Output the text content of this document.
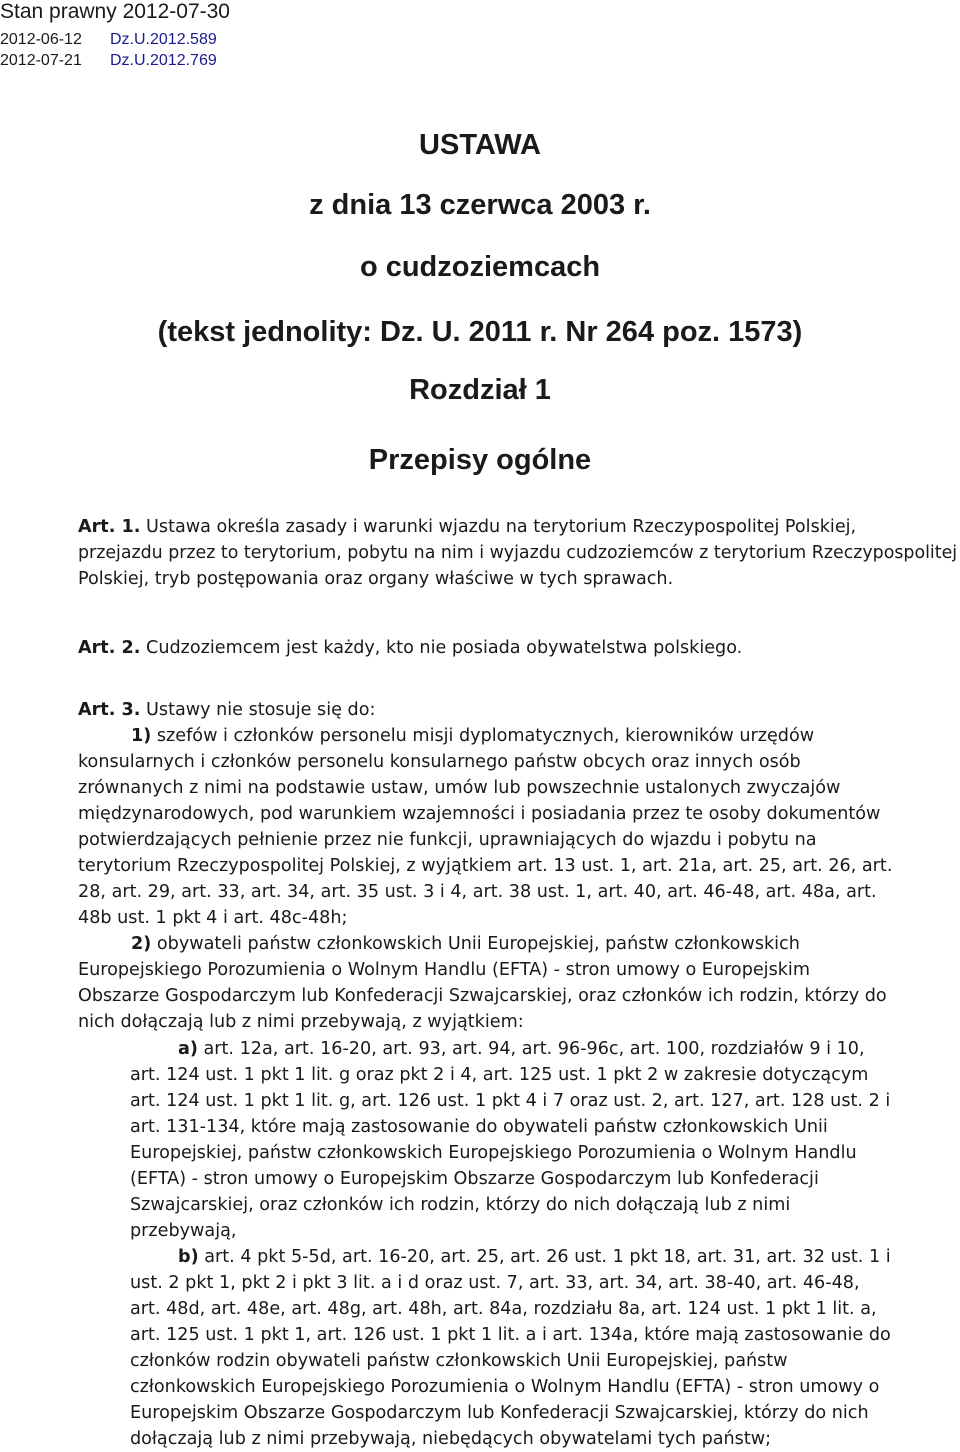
Stan prawny 2012-07-30
2012-06-12 Dz.U.2012.589
2012-07-21 Dz.U.2012.769
USTAWA
z dnia 13 czerwca 2003 r.
o cudzoziemcach
(tekst jednolity: Dz. U. 2011 r. Nr 264 poz. 1573)
Rozdział 1
Przepisy ogólne
Art. 1. Ustawa określa zasady i warunki wjazdu na terytorium Rzeczypospolitej Polskiej,
przejazdu przez to terytorium, pobytu na nim i wyjazdu cudzoziemców z terytorium Rzeczypospolitej
Polskiej, tryb postępowania oraz organy właściwe w tych sprawach.
Art. 2. Cudzoziemcem jest każdy, kto nie posiada obywatelstwa polskiego.
Art. 3. Ustawy nie stosuje się do:
1) szefów i członków personelu misji dyplomatycznych, kierowników urzędów
konsularnych i członków personelu konsularnego państw obcych oraz innych osób
zrównanych z nimi na podstawie ustaw, umów lub powszechnie ustalonych zwyczajów
międzynarodowych, pod warunkiem wzajemności i posiadania przez te osoby dokumentów
potwierdzających pełnienie przez nie funkcji, uprawniających do wjazdu i pobytu na
terytorium Rzeczypospolitej Polskiej, z wyjątkiem art. 13 ust. 1, art. 21a, art. 25, art. 26, art.
28, art. 29, art. 33, art. 34, art. 35 ust. 3 i 4, art. 38 ust. 1, art. 40, art. 46-48, art. 48a, art.
48b ust. 1 pkt 4 i art. 48c-48h;
2) obywateli państw członkowskich Unii Europejskiej, państw członkowskich
Europejskiego Porozumienia o Wolnym Handlu (EFTA) - stron umowy o Europejskim
Obszarze Gospodarczym lub Konfederacji Szwajcarskiej, oraz członków ich rodzin, którzy do
nich dołączają lub z nimi przebywają, z wyjątkiem:
a) art. 12a, art. 16-20, art. 93, art. 94, art. 96-96c, art. 100, rozdziałów 9 i 10,
art. 124 ust. 1 pkt 1 lit. g oraz pkt 2 i 4, art. 125 ust. 1 pkt 2 w zakresie dotyczącym
art. 124 ust. 1 pkt 1 lit. g, art. 126 ust. 1 pkt 4 i 7 oraz ust. 2, art. 127, art. 128 ust. 2 i
art. 131-134, które mają zastosowanie do obywateli państw członkowskich Unii
Europejskiej, państw członkowskich Europejskiego Porozumienia o Wolnym Handlu
(EFTA) - stron umowy o Europejskim Obszarze Gospodarczym lub Konfederacji
Szwajcarskiej, oraz członków ich rodzin, którzy do nich dołączają lub z nimi
przebywają,
b) art. 4 pkt 5-5d, art. 16-20, art. 25, art. 26 ust. 1 pkt 18, art. 31, art. 32 ust. 1 i
ust. 2 pkt 1, pkt 2 i pkt 3 lit. a i d oraz ust. 7, art. 33, art. 34, art. 38-40, art. 46-48,
art. 48d, art. 48e, art. 48g, art. 48h, art. 84a, rozdziału 8a, art. 124 ust. 1 pkt 1 lit. a,
art. 125 ust. 1 pkt 1, art. 126 ust. 1 pkt 1 lit. a i art. 134a, które mają zastosowanie do
członków rodzin obywateli państw członkowskich Unii Europejskiej, państw
członkowskich Europejskiego Porozumienia o Wolnym Handlu (EFTA) - stron umowy o
Europejskim Obszarze Gospodarczym lub Konfederacji Szwajcarskiej, którzy do nich
dołączają lub z nimi przebywają, niebędących obywatelami tych państw;
